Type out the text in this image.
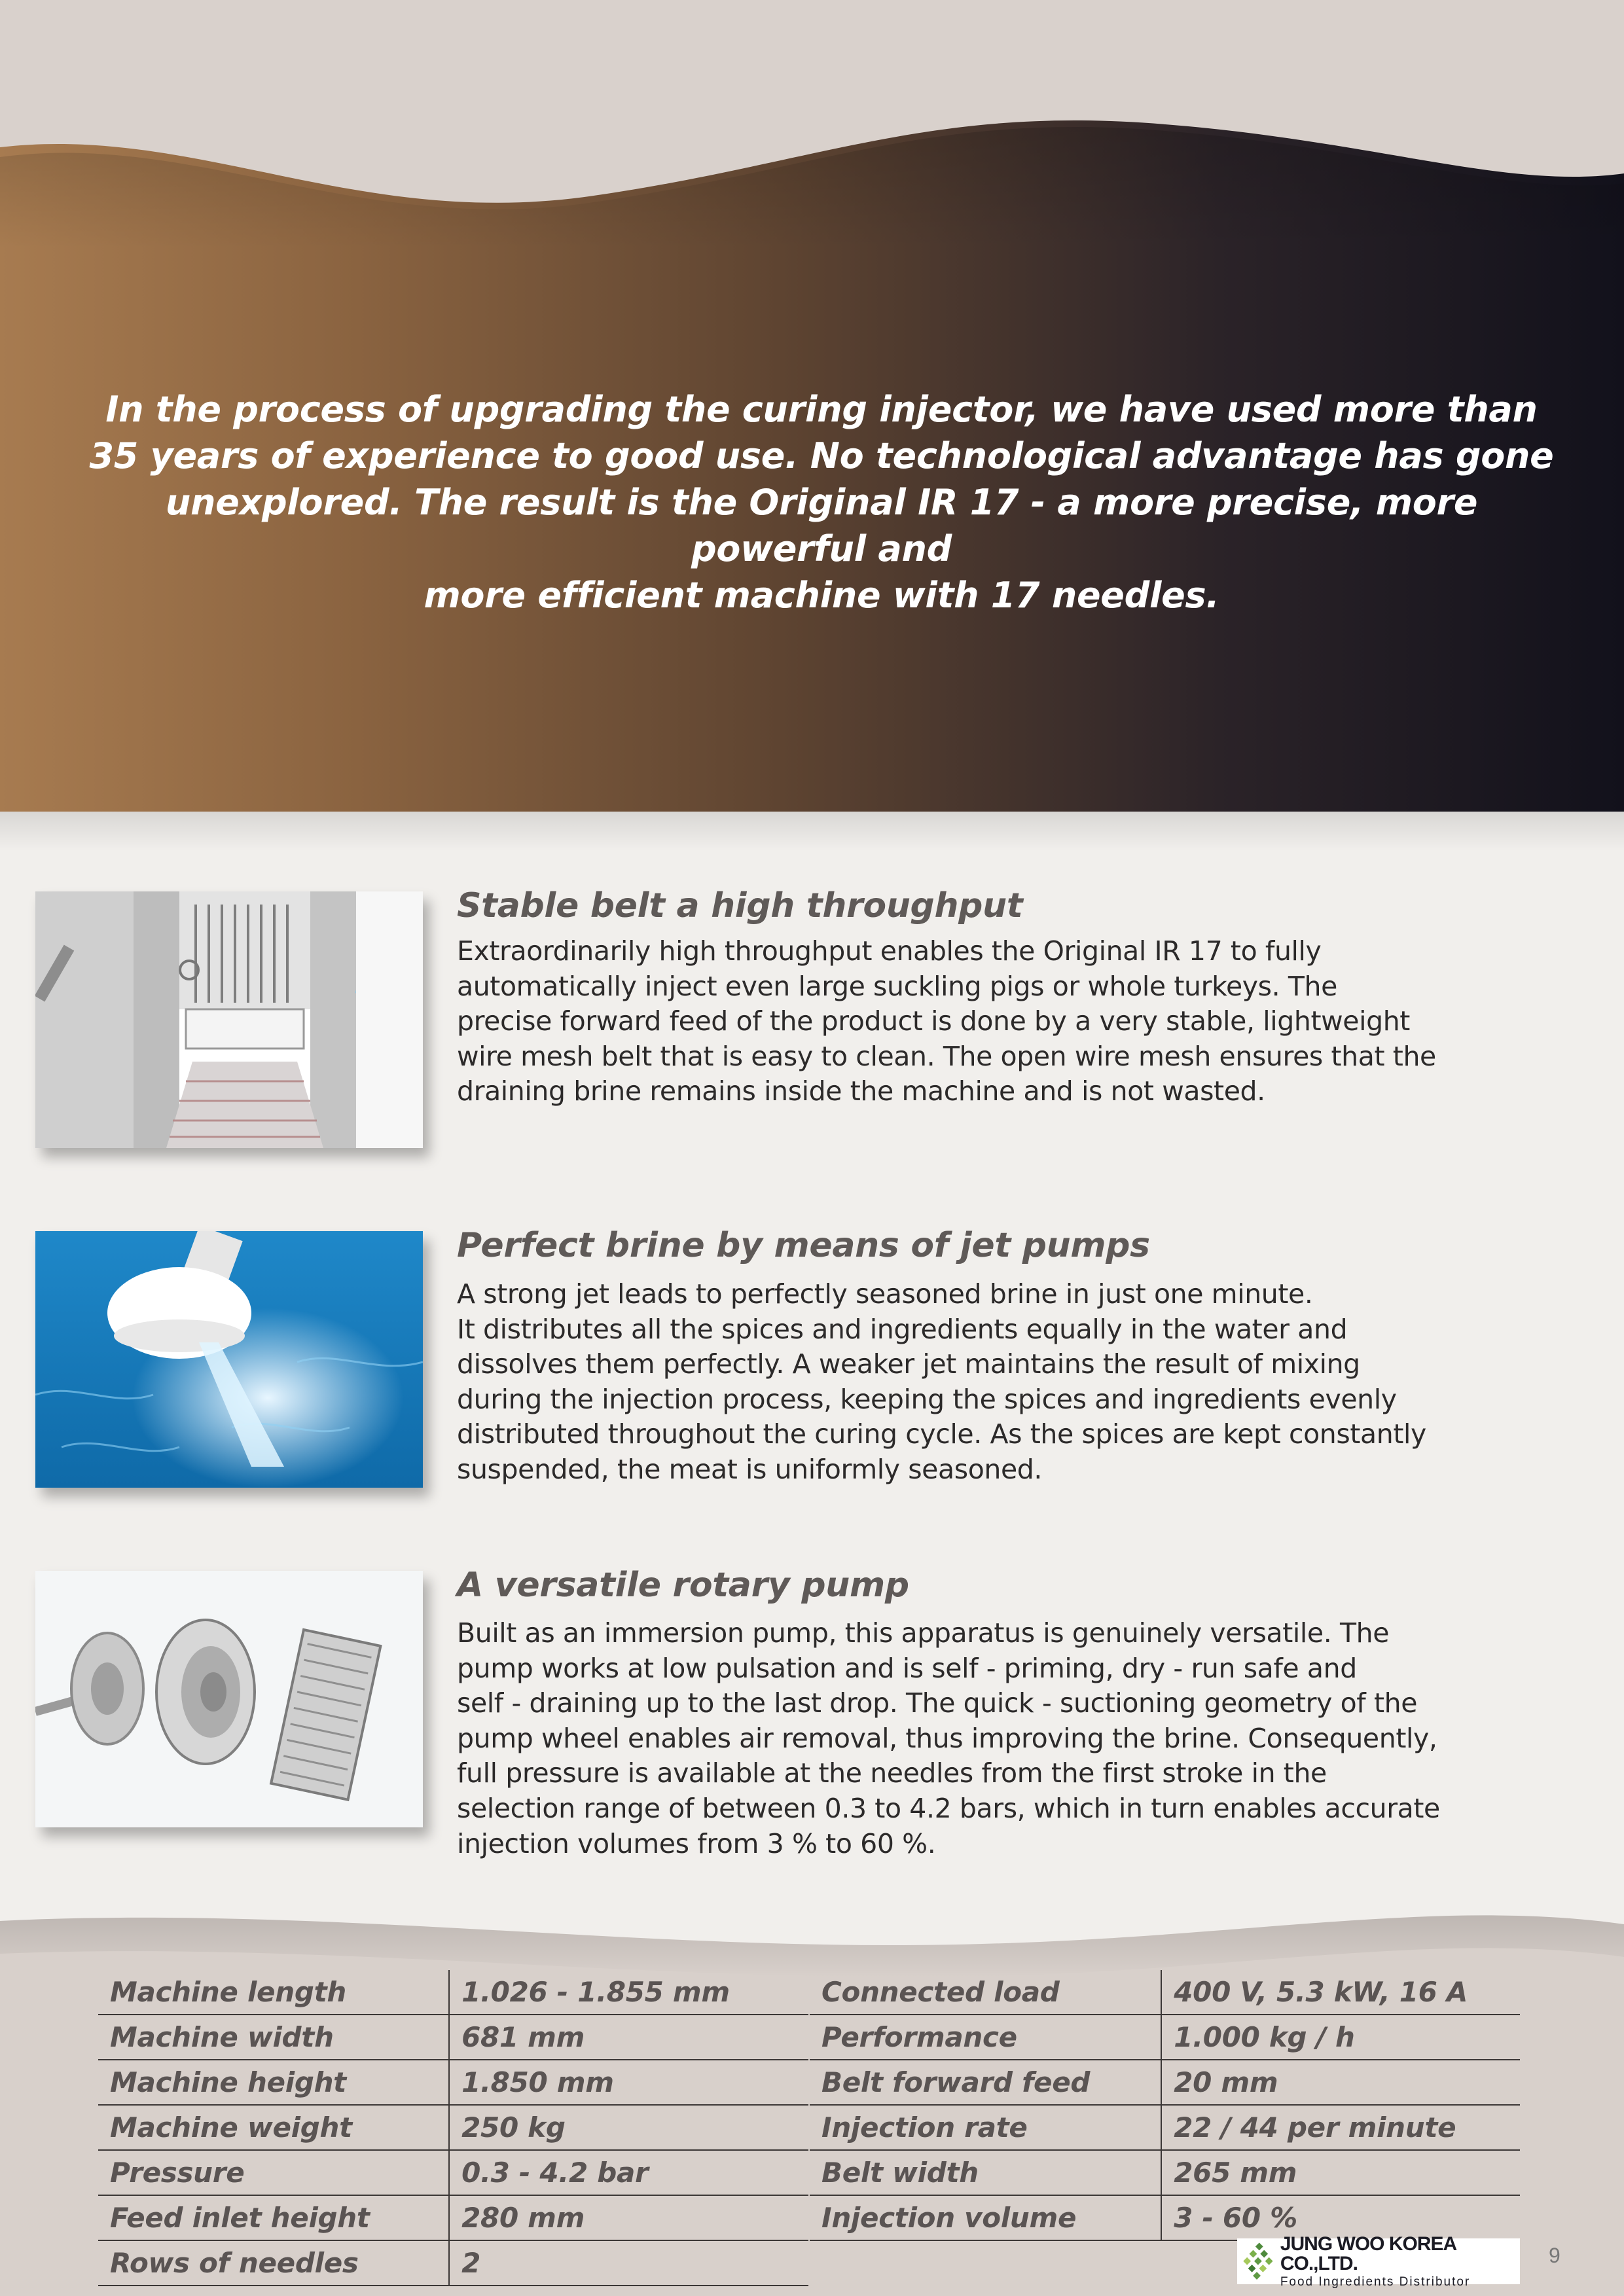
In the process of upgrading the curing injector, we have used more than
35 years of experience to good use. No technological advantage has gone
unexplored. The result is the Original IR 17 - a more precise, more powerful and
more efficient machine with 17 needles.
Stable belt a high throughput
Extraordinarily high throughput enables the Original IR 17 to fully
automatically inject even large suckling pigs or whole turkeys. The
precise forward feed of the product is done by a very stable, lightweight
wire mesh belt that is easy to clean. The open wire mesh ensures that the
draining brine remains inside the machine and is not wasted.
Perfect brine by means of jet pumps
A strong jet leads to perfectly seasoned brine in just one minute.
It distributes all the spices and ingredients equally in the water and
dissolves them perfectly. A weaker jet maintains the result of mixing
during the injection process, keeping the spices and ingredients evenly
distributed throughout the curing cycle. As the spices are kept constantly
suspended, the meat is uniformly seasoned.
A versatile rotary pump
Built as an immersion pump, this apparatus is genuinely versatile. The
pump works at low pulsation and is self - priming, dry - run safe and
self - draining up to the last drop. The quick - suctioning geometry of the
pump wheel enables air removal, thus improving the brine. Consequently,
full pressure is available at the needles from the first stroke in the
selection range of between 0.3 to 4.2 bars, which in turn enables accurate
injection volumes from 3 % to 60 %.
Machine length	1.026 - 1.855 mm
Machine width	681 mm
Machine height	1.850 mm
Machine weight	250 kg
Pressure	0.3 - 4.2 bar
Feed inlet height	280 mm
Rows of needles	2
Connected load	400 V, 5.3 kW, 16 A
Performance	1.000 kg / h
Belt forward feed	20 mm
Injection rate	22 / 44 per minute
Belt width	265 mm
Injection volume	3 - 60 %
JUNG WOO KOREA CO.,LTD.
Food Ingredients Distributor
9
